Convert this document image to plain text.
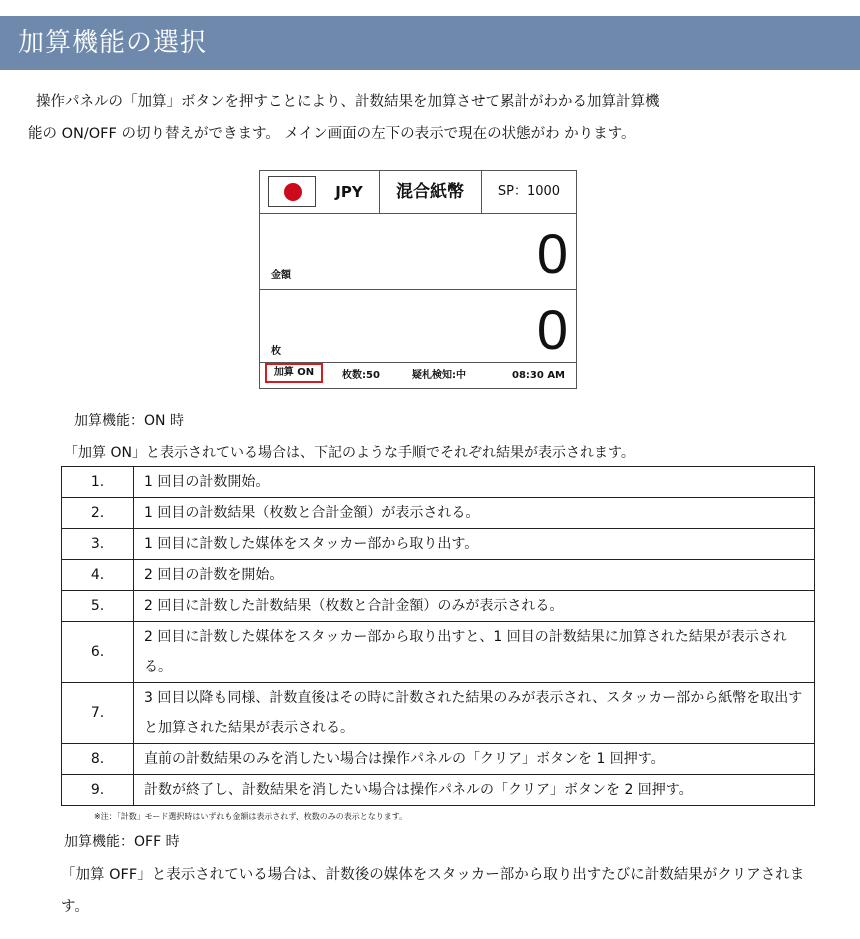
加算機能の選択
操作パネルの「加算」ボタンを押すことにより、計数結果を加算させて累計がわかる加算計算機
能の ON/OFF の切り替えができます。 メイン画面の左下の表示で現在の状態がわ かります。
JPY	混合紙幣	SP：1000
金額	0
枚	0
加算 ON	枚数:50	疑札検知:中	08:30 AM
加算機能：ON 時
「加算 ON」と表示されている場合は、下記のような手順でそれぞれ結果が表示されます。
1.	1 回目の計数開始。
2.	1 回目の計数結果（枚数と合計金額）が表示される。
3.	1 回目に計数した媒体をスタッカー部から取り出す。
4.	2 回目の計数を開始。
5.	2 回目に計数した計数結果（枚数と合計金額）のみが表示される。
6.	2 回目に計数した媒体をスタッカー部から取り出すと、1 回目の計数結果に加算された結果が表示される。
7.	3 回目以降も同様、計数直後はその時に計数された結果のみが表示され、スタッカー部から紙幣を取出すと加算された結果が表示される。
8.	直前の計数結果のみを消したい場合は操作パネルの「クリア」ボタンを 1 回押す。
9.	計数が終了し、計数結果を消したい場合は操作パネルの「クリア」ボタンを 2 回押す。
※注：「計数」モード選択時はいずれも金額は表示されず、枚数のみの表示となります。
加算機能：OFF 時
「加算 OFF」と表示されている場合は、計数後の媒体をスタッカー部から取り出すたびに計数結果がクリアされます。
